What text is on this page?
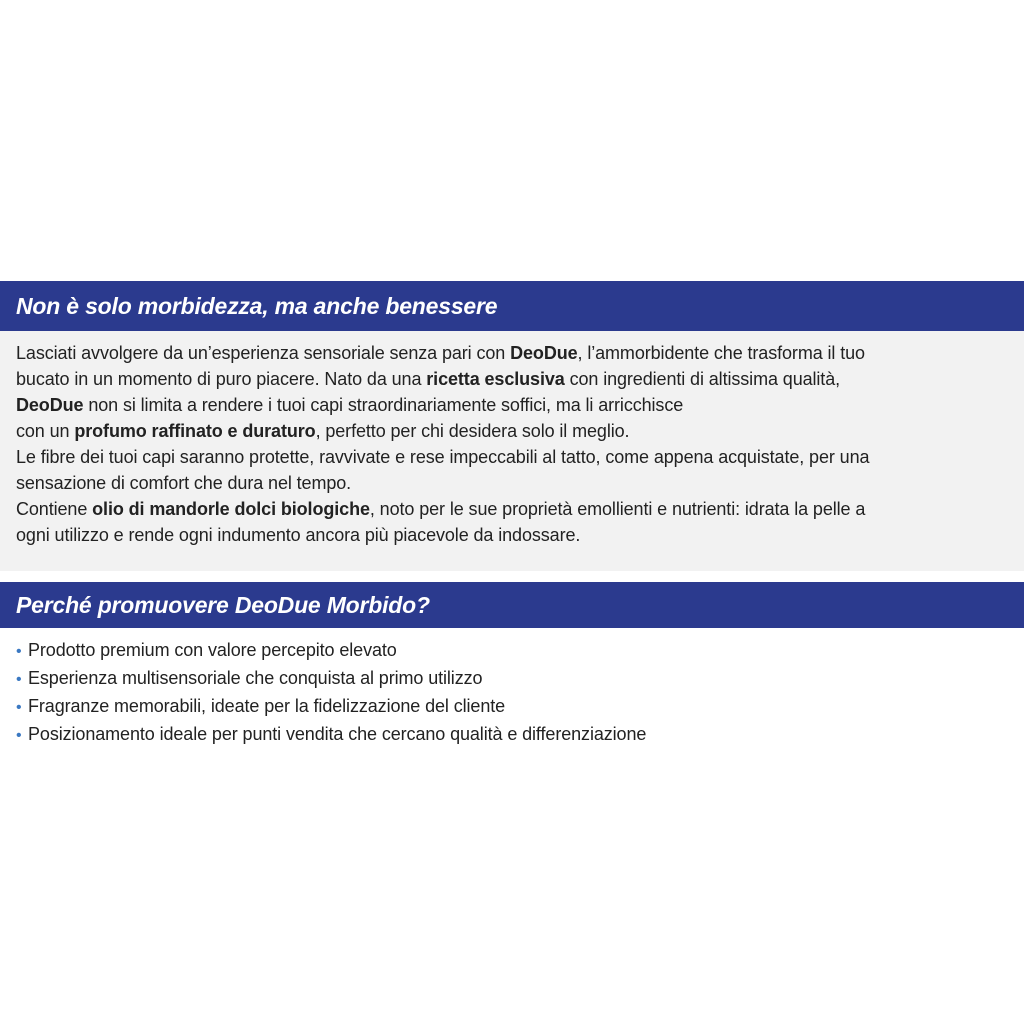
Non è solo morbidezza, ma anche benessere

Lasciati avvolgere da un’esperienza sensoriale senza pari con DeoDue, l’ammorbidente che trasforma il tuo
bucato in un momento di puro piacere. Nato da una ricetta esclusiva con ingredienti di altissima qualità,
DeoDue non si limita a rendere i tuoi capi straordinariamente soffici, ma li arricchisce
con un profumo raffinato e duraturo, perfetto per chi desidera solo il meglio.
Le fibre dei tuoi capi saranno protette, ravvivate e rese impeccabili al tatto, come appena acquistate, per una
sensazione di comfort che dura nel tempo.
Contiene olio di mandorle dolci biologiche, noto per le sue proprietà emollienti e nutrienti: idrata la pelle a
ogni utilizzo e rende ogni indumento ancora più piacevole da indossare.

Perché promuovere DeoDue Morbido?
• Prodotto premium con valore percepito elevato
• Esperienza multisensoriale che conquista al primo utilizzo
• Fragranze memorabili, ideate per la fidelizzazione del cliente
• Posizionamento ideale per punti vendita che cercano qualità e differenziazione
